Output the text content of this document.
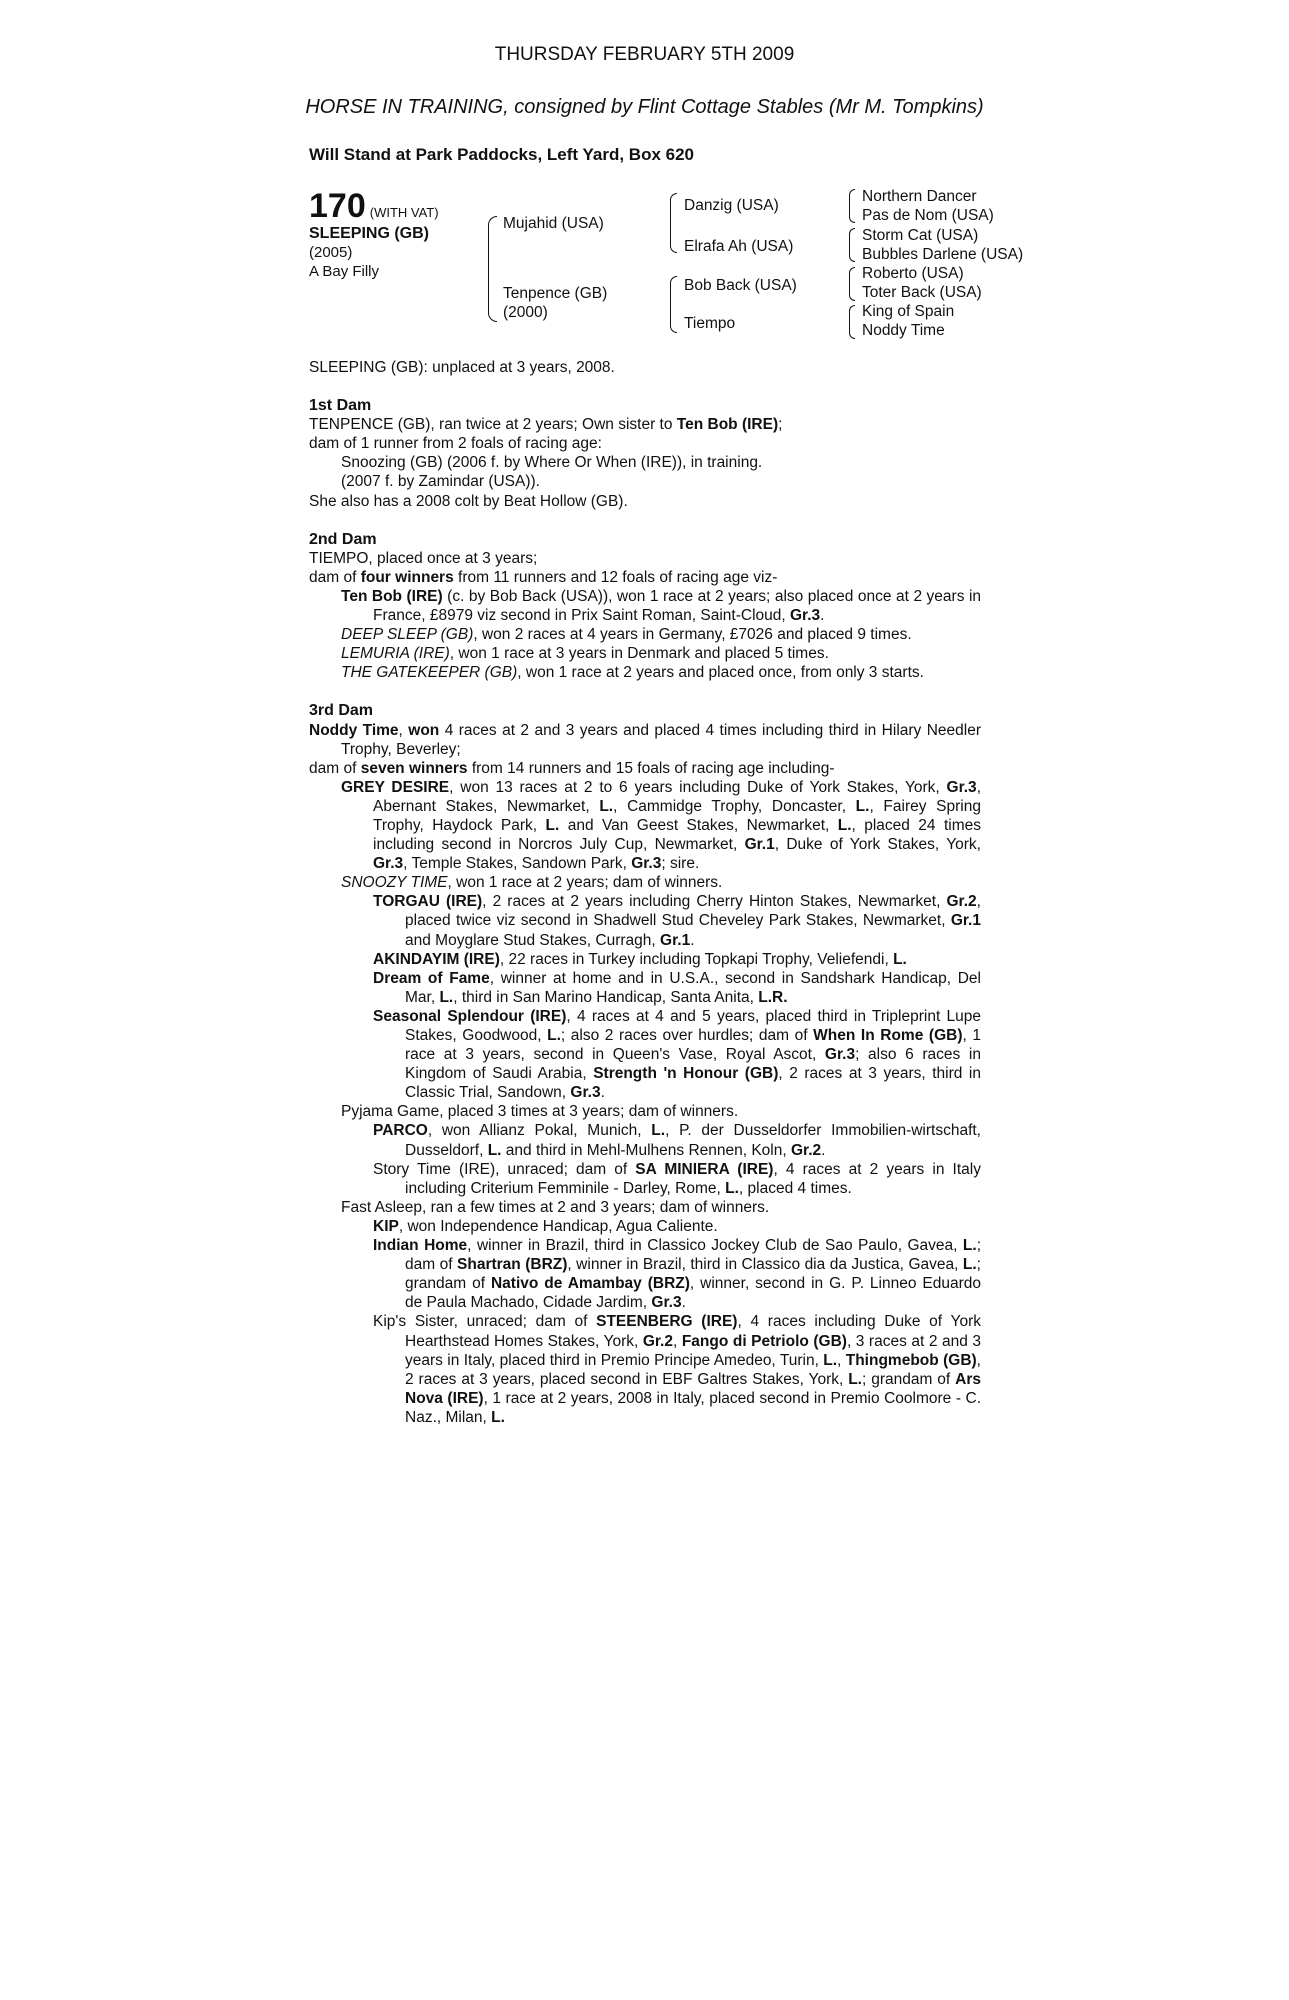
THURSDAY FEBRUARY 5TH 2009
HORSE IN TRAINING, consigned by Flint Cottage Stables (Mr M. Tompkins)
Will Stand at Park Paddocks, Left Yard, Box 620
170 (WITH VAT)
SLEEPING (GB)
(2005)
A Bay Filly
Mujahid (USA)
Tenpence (GB)
(2000)
Danzig (USA)
Elrafa Ah (USA)
Bob Back (USA)
Tiempo
Northern Dancer
Pas de Nom (USA)
Storm Cat (USA)
Bubbles Darlene (USA)
Roberto (USA)
Toter Back (USA)
King of Spain
Noddy Time

SLEEPING (GB): unplaced at 3 years, 2008.

1st Dam

TENPENCE (GB), ran twice at 2 years; Own sister to Ten Bob (IRE);

dam of 1 runner from 2 foals of racing age:

Snoozing (GB) (2006 f. by Where Or When (IRE)), in training.

(2007 f. by Zamindar (USA)).

She also has a 2008 colt by Beat Hollow (GB).

2nd Dam

TIEMPO, placed once at 3 years;

dam of four winners from 11 runners and 12 foals of racing age viz-

Ten Bob (IRE) (c. by Bob Back (USA)), won 1 race at 2 years; also placed once at 2 years in France, £8979 viz second in Prix Saint Roman, Saint-Cloud, Gr.3.

DEEP SLEEP (GB), won 2 races at 4 years in Germany, £7026 and placed 9 times.

LEMURIA (IRE), won 1 race at 3 years in Denmark and placed 5 times.

THE GATEKEEPER (GB), won 1 race at 2 years and placed once, from only 3 starts.

3rd Dam

Noddy Time, won 4 races at 2 and 3 years and placed 4 times including third in Hilary Needler Trophy, Beverley;

dam of seven winners from 14 runners and 15 foals of racing age including-

GREY DESIRE, won 13 races at 2 to 6 years including Duke of York Stakes, York, Gr.3, Abernant Stakes, Newmarket, L., Cammidge Trophy, Doncaster, L., Fairey Spring Trophy, Haydock Park, L. and Van Geest Stakes, Newmarket, L., placed 24 times including second in Norcros July Cup, Newmarket, Gr.1, Duke of York Stakes, York, Gr.3, Temple Stakes, Sandown Park, Gr.3; sire.

SNOOZY TIME, won 1 race at 2 years; dam of winners.

TORGAU (IRE), 2 races at 2 years including Cherry Hinton Stakes, Newmarket, Gr.2, placed twice viz second in Shadwell Stud Cheveley Park Stakes, Newmarket, Gr.1 and Moyglare Stud Stakes, Curragh, Gr.1.

AKINDAYIM (IRE), 22 races in Turkey including Topkapi Trophy, Veliefendi, L.

Dream of Fame, winner at home and in U.S.A., second in Sandshark Handicap, Del Mar, L., third in San Marino Handicap, Santa Anita, L.R.

Seasonal Splendour (IRE), 4 races at 4 and 5 years, placed third in Tripleprint Lupe Stakes, Goodwood, L.; also 2 races over hurdles; dam of When In Rome (GB), 1 race at 3 years, second in Queen's Vase, Royal Ascot, Gr.3; also 6 races in Kingdom of Saudi Arabia, Strength 'n Honour (GB), 2 races at 3 years, third in Classic Trial, Sandown, Gr.3.

Pyjama Game, placed 3 times at 3 years; dam of winners.

PARCO, won Allianz Pokal, Munich, L., P. der Dusseldorfer Immobilien-wirtschaft, Dusseldorf, L. and third in Mehl-Mulhens Rennen, Koln, Gr.2.

Story Time (IRE), unraced; dam of SA MINIERA (IRE), 4 races at 2 years in Italy including Criterium Femminile - Darley, Rome, L., placed 4 times.

Fast Asleep, ran a few times at 2 and 3 years; dam of winners.

KIP, won Independence Handicap, Agua Caliente.

Indian Home, winner in Brazil, third in Classico Jockey Club de Sao Paulo, Gavea, L.; dam of Shartran (BRZ), winner in Brazil, third in Classico dia da Justica, Gavea, L.; grandam of Nativo de Amambay (BRZ), winner, second in G. P. Linneo Eduardo de Paula Machado, Cidade Jardim, Gr.3.

Kip's Sister, unraced; dam of STEENBERG (IRE), 4 races including Duke of York Hearthstead Homes Stakes, York, Gr.2, Fango di Petriolo (GB), 3 races at 2 and 3 years in Italy, placed third in Premio Principe Amedeo, Turin, L., Thingmebob (GB), 2 races at 3 years, placed second in EBF Galtres Stakes, York, L.; grandam of Ars Nova (IRE), 1 race at 2 years, 2008 in Italy, placed second in Premio Coolmore - C. Naz., Milan, L.
